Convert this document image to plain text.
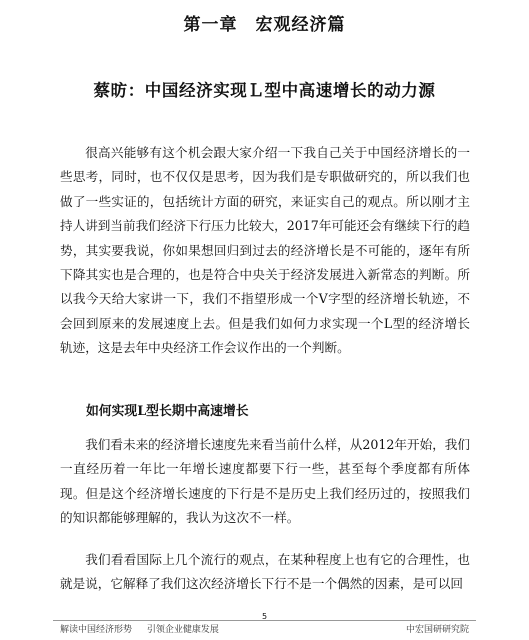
第一章　宏观经济篇
蔡昉：中国经济实现Ｌ型中高速增长的动力源

很高兴能够有这个机会跟大家介绍一下我自己关于中国经济增长的一些思考，同时，也不仅仅是思考，因为我们是专职做研究的，所以我们也做了一些实证的，包括统计方面的研究，来证实自己的观点。所以刚才主持人讲到当前我们经济下行压力比较大，2017年可能还会有继续下行的趋势，其实要我说，你如果想回归到过去的经济增长是不可能的，逐年有所下降其实也是合理的，也是符合中央关于经济发展进入新常态的判断。所以我今天给大家讲一下，我们不指望形成一个V字型的经济增长轨迹，不会回到原来的发展速度上去。但是我们如何力求实现一个L型的经济增长轨迹，这是去年中央经济工作会议作出的一个判断。

如何实现L型长期中高速增长

我们看未来的经济增长速度先来看当前什么样，从2012年开始，我们一直经历着一年比一年增长速度都要下行一些，甚至每个季度都有所体现。但是这个经济增长速度的下行是不是历史上我们经历过的，按照我们的知识都能够理解的，我认为这次不一样。

我们看看国际上几个流行的观点，在某种程度上也有它的合理性，也就是说，它解释了我们这次经济增长下行不是一个偶然的因素，是可以回

5
解读中国经济形势 引领企业健康发展	中宏国研研究院
